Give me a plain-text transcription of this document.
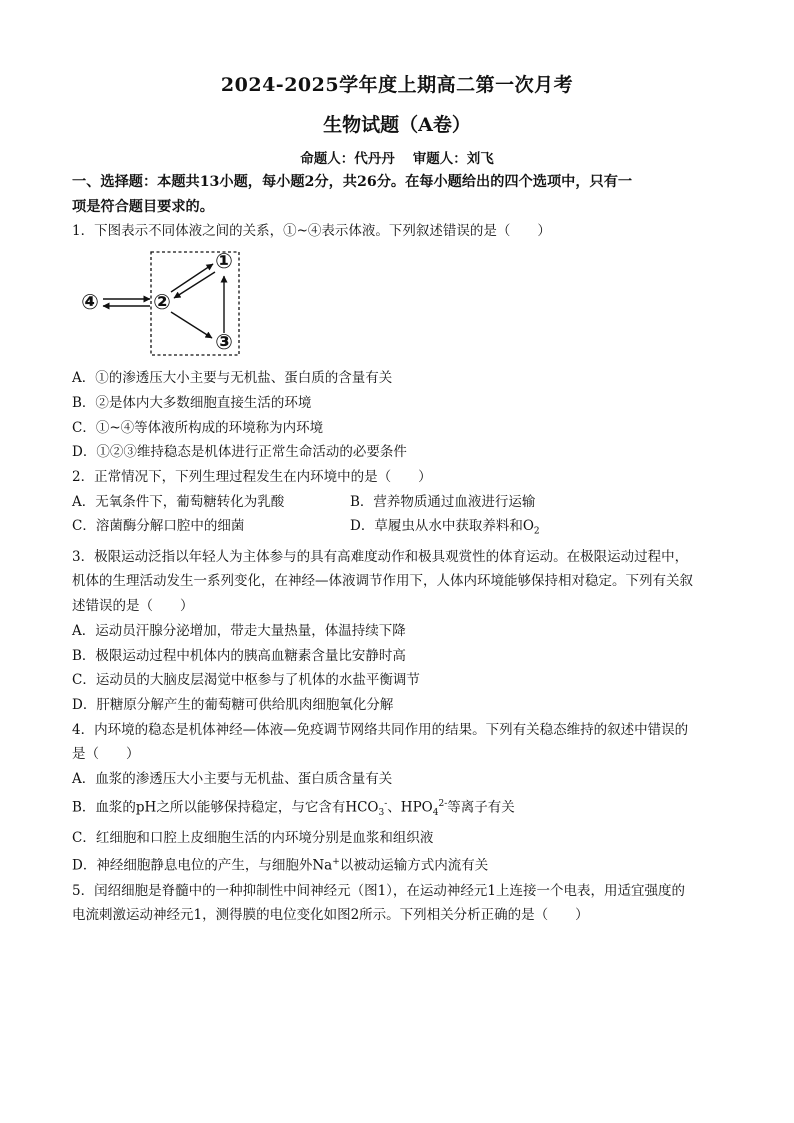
2024-2025学年度上期高二第一次月考
生物试题（A卷）
命题人：代丹丹 审题人：刘飞
一、选择题：本题共13小题，每小题2分，共26分。在每小题给出的四个选项中，只有一
项是符合题目要求的。
1．下图表示不同体液之间的关系，①~④表示体液。下列叙述错误的是（　　）
④	②
①
③
A．①的渗透压大小主要与无机盐、蛋白质的含量有关
B．②是体内大多数细胞直接生活的环境
C．①~④等体液所构成的环境称为内环境
D．①②③维持稳态是机体进行正常生命活动的必要条件
2．正常情况下，下列生理过程发生在内环境中的是（　　）
A．无氧条件下，葡萄糖转化为乳酸	B．营养物质通过血液进行运输
C．溶菌酶分解口腔中的细菌	D．草履虫从水中获取养料和$O_2$
3．极限运动泛指以年轻人为主体参与的具有高难度动作和极具观赏性的体育运动。在极限运动过程中，
机体的生理活动发生一系列变化，在神经—体液调节作用下，人体内环境能够保持相对稳定。下列有关叙
述错误的是（　　）
A．运动员汗腺分泌增加，带走大量热量，体温持续下降
B．极限运动过程中机体内的胰高血糖素含量比安静时高
C．运动员的大脑皮层渴觉中枢参与了机体的水盐平衡调节
D．肝糖原分解产生的葡萄糖可供给肌肉细胞氧化分解
4．内环境的稳态是机体神经—体液—免疫调节网络共同作用的结果。下列有关稳态维持的叙述中错误的
是（　　）
A．血浆的渗透压大小主要与无机盐、蛋白质含量有关
B．血浆的pH之所以能够保持稳定，与它含有$HCO_3^-$、$HPO_4^{2-}$等离子有关
C．红细胞和口腔上皮细胞生活的内环境分别是血浆和组织液
D．神经细胞静息电位的产生，与细胞外Na+以被动运输方式内流有关
5．闰绍细胞是脊髓中的一种抑制性中间神经元（图1），在运动神经元1上连接一个电表，用适宜强度的
电流刺激运动神经元1，测得膜的电位变化如图2所示。下列相关分析正确的是（　　）
